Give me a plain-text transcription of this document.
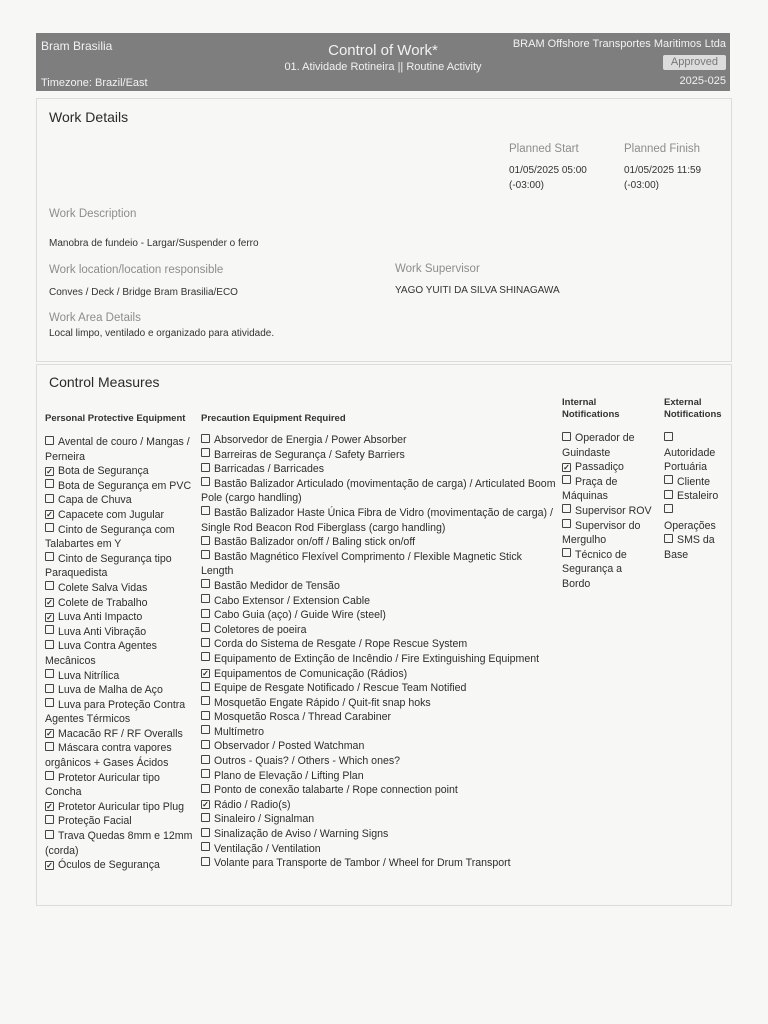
Bram Brasilia
Timezone: Brazil/East
Control of Work*
01. Atividade Rotineira || Routine Activity
BRAM Offshore Transportes Maritimos Ltda
Approved
2025-025
Work Details
Planned Start
01/05/2025 05:00
(-03:00)
Planned Finish
01/05/2025 11:59
(-03:00)
Work Description
Manobra de fundeio - Largar/Suspender o ferro
Work location/location responsible
Conves / Deck / Bridge Bram Brasilia/ECO
Work Supervisor
YAGO YUITI DA SILVA SHINAGAWA
Work Area Details
Local limpo, ventilado e organizado para atividade.
Control Measures
Personal Protective Equipment	Precaution Equipment Required
Internal Notifications
External Notifications
Avental de couro / Mangas / Perneira
✓ Bota de Segurança
Bota de Segurança em PVC
Capa de Chuva
✓ Capacete com Jugular
Cinto de Segurança com Talabartes em Y
Cinto de Segurança tipo Paraquedista
Colete Salva Vidas
✓ Colete de Trabalho
✓ Luva Anti Impacto
Luva Anti Vibração
Luva Contra Agentes Mecânicos
Luva Nitrílica
Luva de Malha de Aço
Luva para Proteção Contra Agentes Térmicos
✓ Macacão RF / RF Overalls
Máscara contra vapores orgânicos + Gases Ácidos
Protetor Auricular tipo Concha
✓ Protetor Auricular tipo Plug
Proteção Facial
Trava Quedas 8mm e 12mm (corda)
✓ Óculos de Segurança
Absorvedor de Energia / Power Absorber
Barreiras de Segurança / Safety Barriers
Barricadas / Barricades
Bastão Balizador Articulado (movimentação de carga) / Articulated Boom Pole (cargo handling)
Bastão Balizador Haste Única Fibra de Vidro (movimentação de carga) / Single Rod Beacon Rod Fiberglass (cargo handling)
Bastão Balizador on/off / Baling stick on/off
Bastão Magnético Flexível Comprimento / Flexible Magnetic Stick Length
Bastão Medidor de Tensão
Cabo Extensor / Extension Cable
Cabo Guia (aço) / Guide Wire (steel)
Coletores de poeira
Corda do Sistema de Resgate / Rope Rescue System
Equipamento de Extinção de Incêndio / Fire Extinguishing Equipment
✓ Equipamentos de Comunicação (Rádios)
Equipe de Resgate Notificado / Rescue Team Notified
Mosquetão Engate Rápido / Quit-fit snap hoks
Mosquetão Rosca / Thread Carabiner
Multímetro
Observador / Posted Watchman
Outros - Quais? / Others - Which ones?
Plano de Elevação / Lifting Plan
Ponto de conexão talabarte / Rope connection point
✓ Rádio / Radio(s)
Sinaleiro / Signalman
Sinalização de Aviso / Warning Signs
Ventilação / Ventilation
Volante para Transporte de Tambor / Wheel for Drum Transport
Operador de Guindaste
✓ Passadiço
Praça de Máquinas
Supervisor ROV
Supervisor do Mergulho
Técnico de Segurança a Bordo
Autoridade Portuária
Cliente
Estaleiro
Operações
SMS da Base
